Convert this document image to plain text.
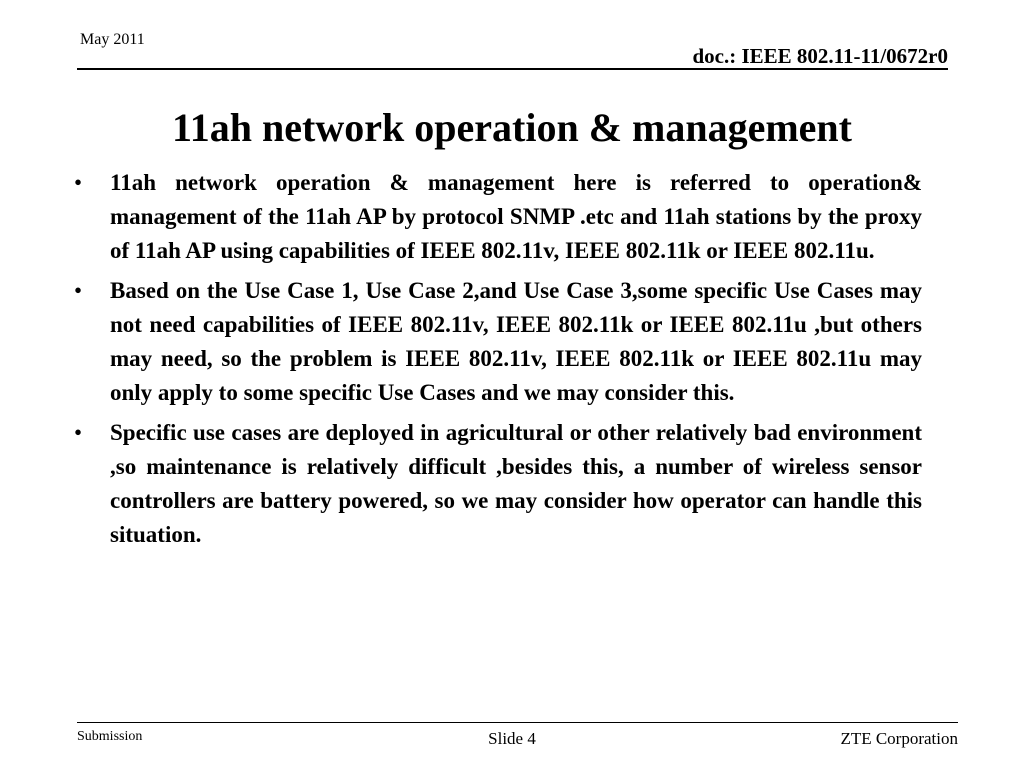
May 2011
doc.: IEEE 802.11-11/0672r0
11ah network operation & management
• 11ah network operation & management here is referred to operation& management of the 11ah AP by protocol SNMP .etc and 11ah stations by the proxy of 11ah AP using capabilities of IEEE 802.11v, IEEE 802.11k or IEEE 802.11u.
• Based on the Use Case 1, Use Case 2,and Use Case 3,some specific Use Cases may not need capabilities of IEEE 802.11v, IEEE 802.11k or IEEE 802.11u ,but others may need, so the problem is IEEE 802.11v, IEEE 802.11k or IEEE 802.11u may only apply to some specific Use Cases and we may consider this.
• Specific use cases are deployed in agricultural or other relatively bad environment ,so maintenance is relatively difficult ,besides this, a number of wireless sensor controllers are battery powered, so we may consider how operator can handle this situation.
Submission	Slide 4	ZTE Corporation
